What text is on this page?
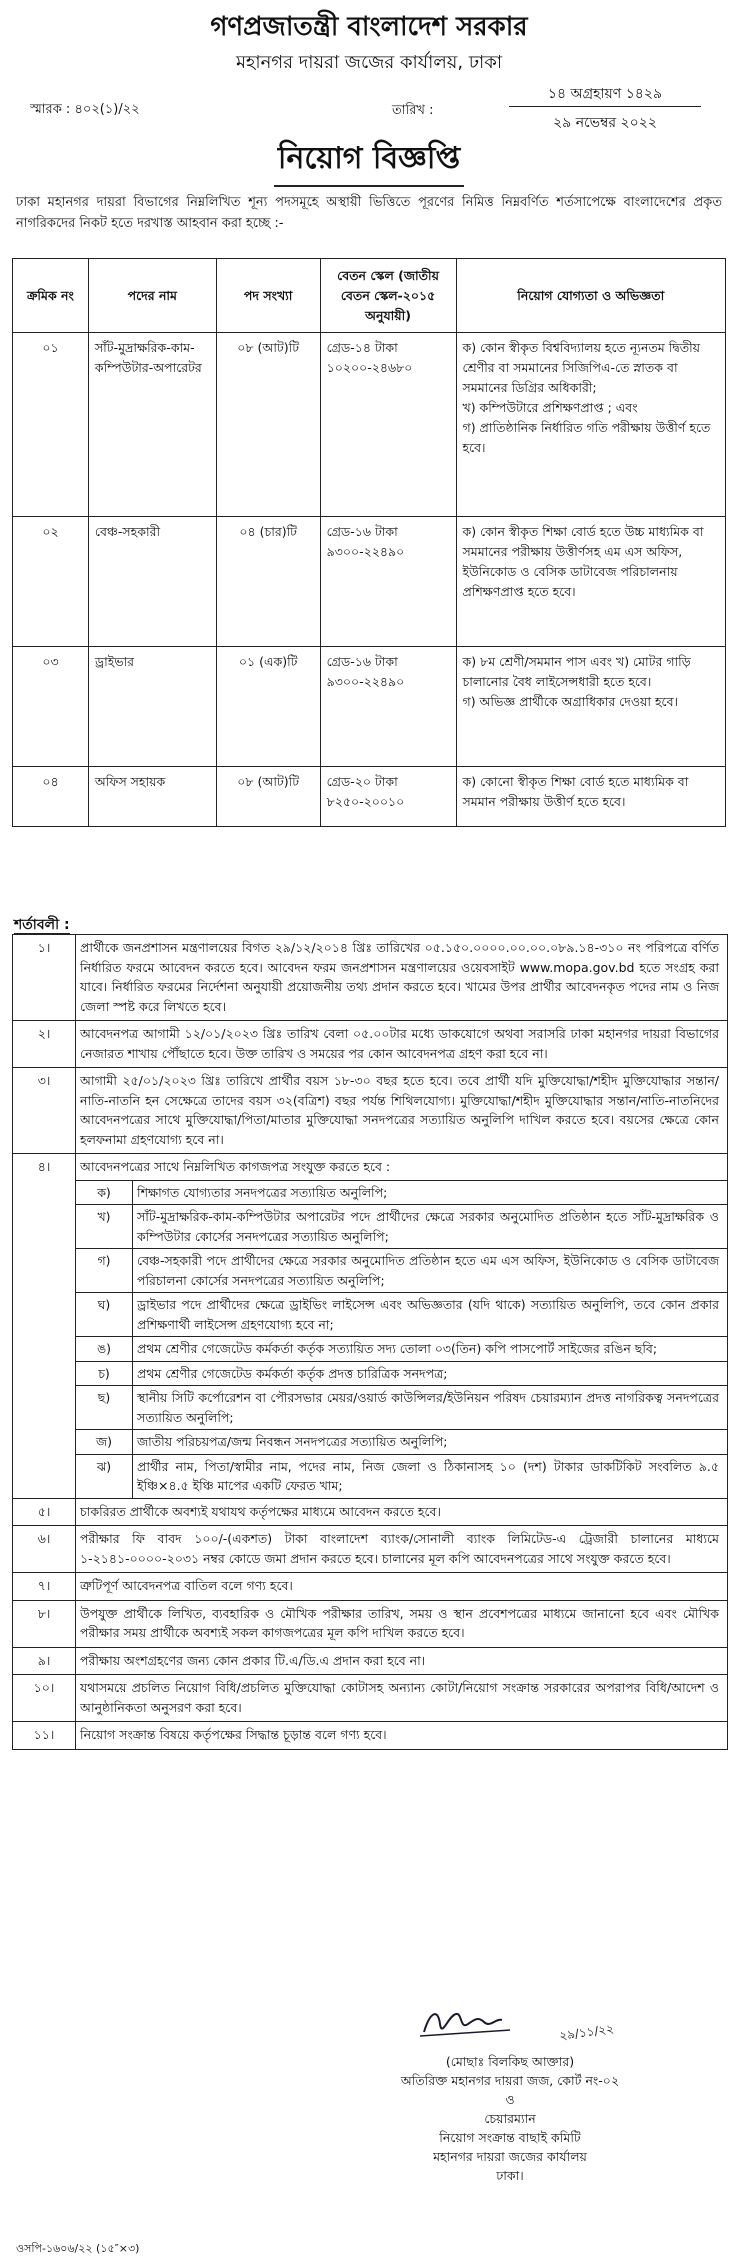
গণপ্রজাতন্ত্রী বাংলাদেশ সরকার
মহানগর দায়রা জজের কার্যালয়, ঢাকা
স্মারক : ৪০২(১)/২২	তারিখ :
১৪ অগ্রহায়ণ ১৪২৯
২৯ নভেম্বর ২০২২
নিয়োগ বিজ্ঞপ্তি
ঢাকা মহানগর দায়রা বিভাগের নিম্নলিখিত শূন্য পদসমূহে অস্থায়ী ভিত্তিতে পূরণের নিমিত্ত নিম্নবর্ণিত শর্তসাপেক্ষে বাংলাদেশের প্রকৃত নাগরিকদের নিকট হতে দরখাস্ত আহবান করা হচ্ছে :-
ক্রমিক নং	পদের নাম	পদ সংখ্যা	বেতন স্কেল (জাতীয় বেতন স্কেল-২০১৫ অনুযায়ী)	নিয়োগ যোগ্যতা ও অভিজ্ঞতা
০১	সাঁট-মুদ্রাক্ষরিক-কাম-কম্পিউটার-অপারেটর	০৮ (আট)টি	গ্রেড-১৪ টাকা ১০২০০-২৪৬৮০	ক) কোন স্বীকৃত বিশ্ববিদ্যালয় হতে ন্যূনতম দ্বিতীয় শ্রেণীর বা সমমানের সিজিপিএ-তে স্নাতক বা সমমানের ডিগ্রির অধিকারী;
খ) কম্পিউটারে প্রশিক্ষণপ্রাপ্ত ; এবং
গ) প্রাতিষ্ঠানিক নির্ধারিত গতি পরীক্ষায় উত্তীর্ণ হতে হবে।

০২	বেঞ্চ-সহকারী	০৪ (চার)টি	গ্রেড-১৬ টাকা ৯৩০০-২২৪৯০	ক) কোন স্বীকৃত শিক্ষা বোর্ড হতে উচ্চ মাধ্যমিক বা সমমানের পরীক্ষায় উত্তীর্ণসহ এম এস অফিস, ইউনিকোড ও বেসিক ডাটাবেজ পরিচালনায় প্রশিক্ষণপ্রাপ্ত হতে হবে।

০৩	ড্রাইভার	০১ (এক)টি	গ্রেড-১৬ টাকা ৯৩০০-২২৪৯০	ক) ৮ম শ্রেণী/সমমান পাস এবং খ) মোটর গাড়ি চালানোর বৈধ লাইসেন্সধারী হতে হবে।
গ) অভিজ্ঞ প্রার্থীকে অগ্রাধিকার দেওয়া হবে।

০৪	অফিস সহায়ক	০৮ (আট)টি	গ্রেড-২০ টাকা ৮২৫০-২০০১০	ক) কোনো স্বীকৃত শিক্ষা বোর্ড হতে মাধ্যমিক বা সমমান পরীক্ষায় উত্তীর্ণ হতে হবে।
শর্তাবলী :
১।	প্রার্থীকে জনপ্রশাসন মন্ত্রণালয়ের বিগত ২৯/১২/২০১৪ খ্রিঃ তারিখের ০৫.১৫০.০০০০.০০.০০.০৮৯.১৪-৩১০ নং পরিপত্রে বর্ণিত নির্ধারিত ফরমে আবেদন করতে হবে। আবেদন ফরম জনপ্রশাসন মন্ত্রণালয়ের ওয়েবসাইট www.mopa.gov.bd হতে সংগ্রহ করা যাবে। নির্ধারিত ফরমের নির্দেশনা অনুযায়ী প্রয়োজনীয় তথ্য প্রদান করতে হবে। খামের উপর প্রার্থীর আবেদনকৃত পদের নাম ও নিজ জেলা স্পষ্ট করে লিখতে হবে।
২।	আবেদনপত্র আগামী ১২/০১/২০২৩ খ্রিঃ তারিখ বেলা ০৫.০০টার মধ্যে ডাকযোগে অথবা সরাসরি ঢাকা মহানগর দায়রা বিভাগের নেজারত শাখায় পৌঁছাতে হবে। উক্ত তারিখ ও সময়ের পর কোন আবেদনপত্র গ্রহণ করা হবে না।
৩।	আগামী ২৫/০১/২০২৩ খ্রিঃ তারিখে প্রার্থীর বয়স ১৮-৩০ বছর হতে হবে। তবে প্রার্থী যদি মুক্তিযোদ্ধা/শহীদ মুক্তিযোদ্ধার সন্তান/নাতি-নাতনি হন সেক্ষেত্রে তাদের বয়স ৩২(বত্রিশ) বছর পর্যন্ত শিথিলযোগ্য। মুক্তিযোদ্ধা/শহীদ মুক্তিযোদ্ধার সন্তান/নাতি-নাতনিদের আবেদনপত্রের সাথে মুক্তিযোদ্ধা/পিতা/মাতার মুক্তিযোদ্ধা সনদপত্রের সত্যায়িত অনুলিপি দাখিল করতে হবে। বয়সের ক্ষেত্রে কোন হলফনামা গ্রহণযোগ্য হবে না।
৪।	আবেদনপত্রের সাথে নিম্নলিখিত কাগজপত্র সংযুক্ত করতে হবে :
ক)	শিক্ষাগত যোগ্যতার সনদপত্রের সত্যায়িত অনুলিপি;
খ)	সাঁট-মুদ্রাক্ষরিক-কাম-কম্পিউটার অপারেটর পদে প্রার্থীদের ক্ষেত্রে সরকার অনুমোদিত প্রতিষ্ঠান হতে সাঁট-মুদ্রাক্ষরিক ও কম্পিউটার কোর্সের সনদপত্রের সত্যায়িত অনুলিপি;
গ)	বেঞ্চ-সহকারী পদে প্রার্থীদের ক্ষেত্রে সরকার অনুমোদিত প্রতিষ্ঠান হতে এম এস অফিস, ইউনিকোড ও বেসিক ডাটাবেজ পরিচালনা কোর্সের সনদপত্রের সত্যায়িত অনুলিপি;
ঘ)	ড্রাইভার পদে প্রার্থীদের ক্ষেত্রে ড্রাইভিং লাইসেন্স এবং অভিজ্ঞতার (যদি থাকে) সত্যায়িত অনুলিপি, তবে কোন প্রকার প্রশিক্ষণার্থী লাইসেন্স গ্রহণযোগ্য হবে না;
ঙ)	প্রথম শ্রেণীর গেজেটেড কর্মকর্তা কর্তৃক সত্যায়িত সদ্য তোলা ০৩(তিন) কপি পাসপোর্ট সাইজের রঙিন ছবি;
চ)	প্রথম শ্রেণীর গেজেটেড কর্মকর্তা কর্তৃক প্রদত্ত চারিত্রিক সনদপত্র;
ছ)	স্থানীয় সিটি কর্পোরেশন বা পৌরসভার মেয়র/ওয়ার্ড কাউন্সিলর/ইউনিয়ন পরিষদ চেয়ারম্যান প্রদত্ত নাগরিকত্ব সনদপত্রের সত্যায়িত অনুলিপি;
জ)	জাতীয় পরিচয়পত্র/জন্ম নিবন্ধন সনদপত্রের সত্যায়িত অনুলিপি;
ঝ)	প্রার্থীর নাম, পিতা/স্বামীর নাম, পদের নাম, নিজ জেলা ও ঠিকানাসহ ১০ (দশ) টাকার ডাকটিকিট সংবলিত ৯.৫ ইঞ্চি×৪.৫ ইঞ্চি মাপের একটি ফেরত খাম;
৫।	চাকরিরত প্রার্থীকে অবশ্যই যথাযথ কর্তৃপক্ষের মাধ্যমে আবেদন করতে হবে।
৬।	পরীক্ষার ফি বাবদ ১০০/-(একশত) টাকা বাংলাদেশ ব্যাংক/সোনালী ব্যাংক লিমিটেড-এ ট্রেজারী চালানের মাধ্যমে ১-২১৪১-০০০০-২০৩১ নম্বর কোডে জমা প্রদান করতে হবে। চালানের মূল কপি আবেদনপত্রের সাথে সংযুক্ত করতে হবে।
৭।	ত্রুটিপূর্ণ আবেদনপত্র বাতিল বলে গণ্য হবে।
৮।	উপযুক্ত প্রার্থীকে লিখিত, ব্যবহারিক ও মৌখিক পরীক্ষার তারিখ, সময় ও স্থান প্রবেশপত্রের মাধ্যমে জানানো হবে এবং মৌখিক পরীক্ষার সময় প্রার্থীকে অবশ্যই সকল কাগজপত্রের মূল কপি দাখিল করতে হবে।
৯।	পরীক্ষায় অংশগ্রহণের জন্য কোন প্রকার টি.এ/ডি.এ প্রদান করা হবে না।
১০।	যথাসময়ে প্রচলিত নিয়োগ বিধি/প্রচলিত মুক্তিযোদ্ধা কোটাসহ অন্যান্য কোটা/নিয়োগ সংক্রান্ত সরকারের অপরাপর বিধি/আদেশ ও আনুষ্ঠানিকতা অনুসরণ করা হবে।
১১।	নিয়োগ সংক্রান্ত বিষয়ে কর্তৃপক্ষের সিদ্ধান্ত চূড়ান্ত বলে গণ্য হবে।
২৯/১১/২২
(মোছাঃ বিলকিছ আক্তার)
অতিরিক্ত মহানগর দায়রা জজ, কোর্ট নং-০২
ও
চেয়ারম্যান
নিয়োগ সংক্রান্ত বাছাই কমিটি
মহানগর দায়রা জজের কার্যালয়
ঢাকা।
ওসপি-১৬০৬/২২ (১৫″×৩)
